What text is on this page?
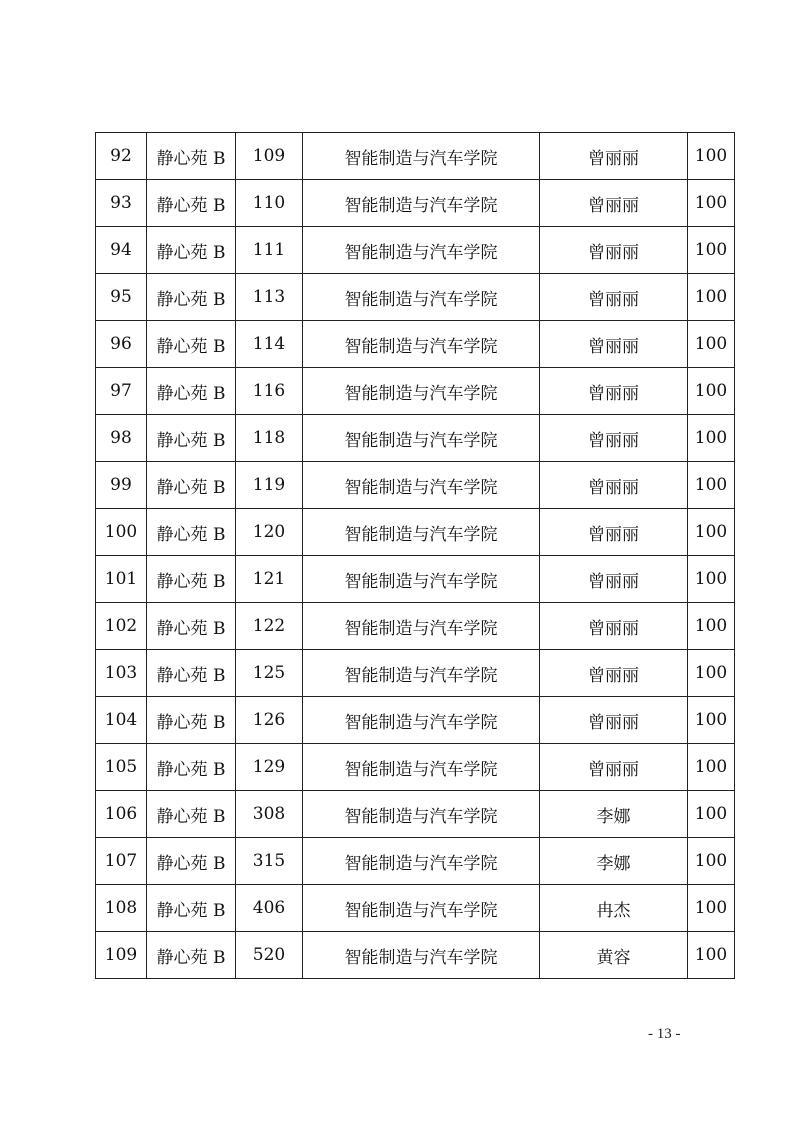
92	静心苑 B	109	智能制造与汽车学院	曾丽丽	100
93	静心苑 B	110	智能制造与汽车学院	曾丽丽	100
94	静心苑 B	111	智能制造与汽车学院	曾丽丽	100
95	静心苑 B	113	智能制造与汽车学院	曾丽丽	100
96	静心苑 B	114	智能制造与汽车学院	曾丽丽	100
97	静心苑 B	116	智能制造与汽车学院	曾丽丽	100
98	静心苑 B	118	智能制造与汽车学院	曾丽丽	100
99	静心苑 B	119	智能制造与汽车学院	曾丽丽	100
100	静心苑 B	120	智能制造与汽车学院	曾丽丽	100
101	静心苑 B	121	智能制造与汽车学院	曾丽丽	100
102	静心苑 B	122	智能制造与汽车学院	曾丽丽	100
103	静心苑 B	125	智能制造与汽车学院	曾丽丽	100
104	静心苑 B	126	智能制造与汽车学院	曾丽丽	100
105	静心苑 B	129	智能制造与汽车学院	曾丽丽	100
106	静心苑 B	308	智能制造与汽车学院	李娜	100
107	静心苑 B	315	智能制造与汽车学院	李娜	100
108	静心苑 B	406	智能制造与汽车学院	冉杰	100
109	静心苑 B	520	智能制造与汽车学院	黄容	100
- 13 -
